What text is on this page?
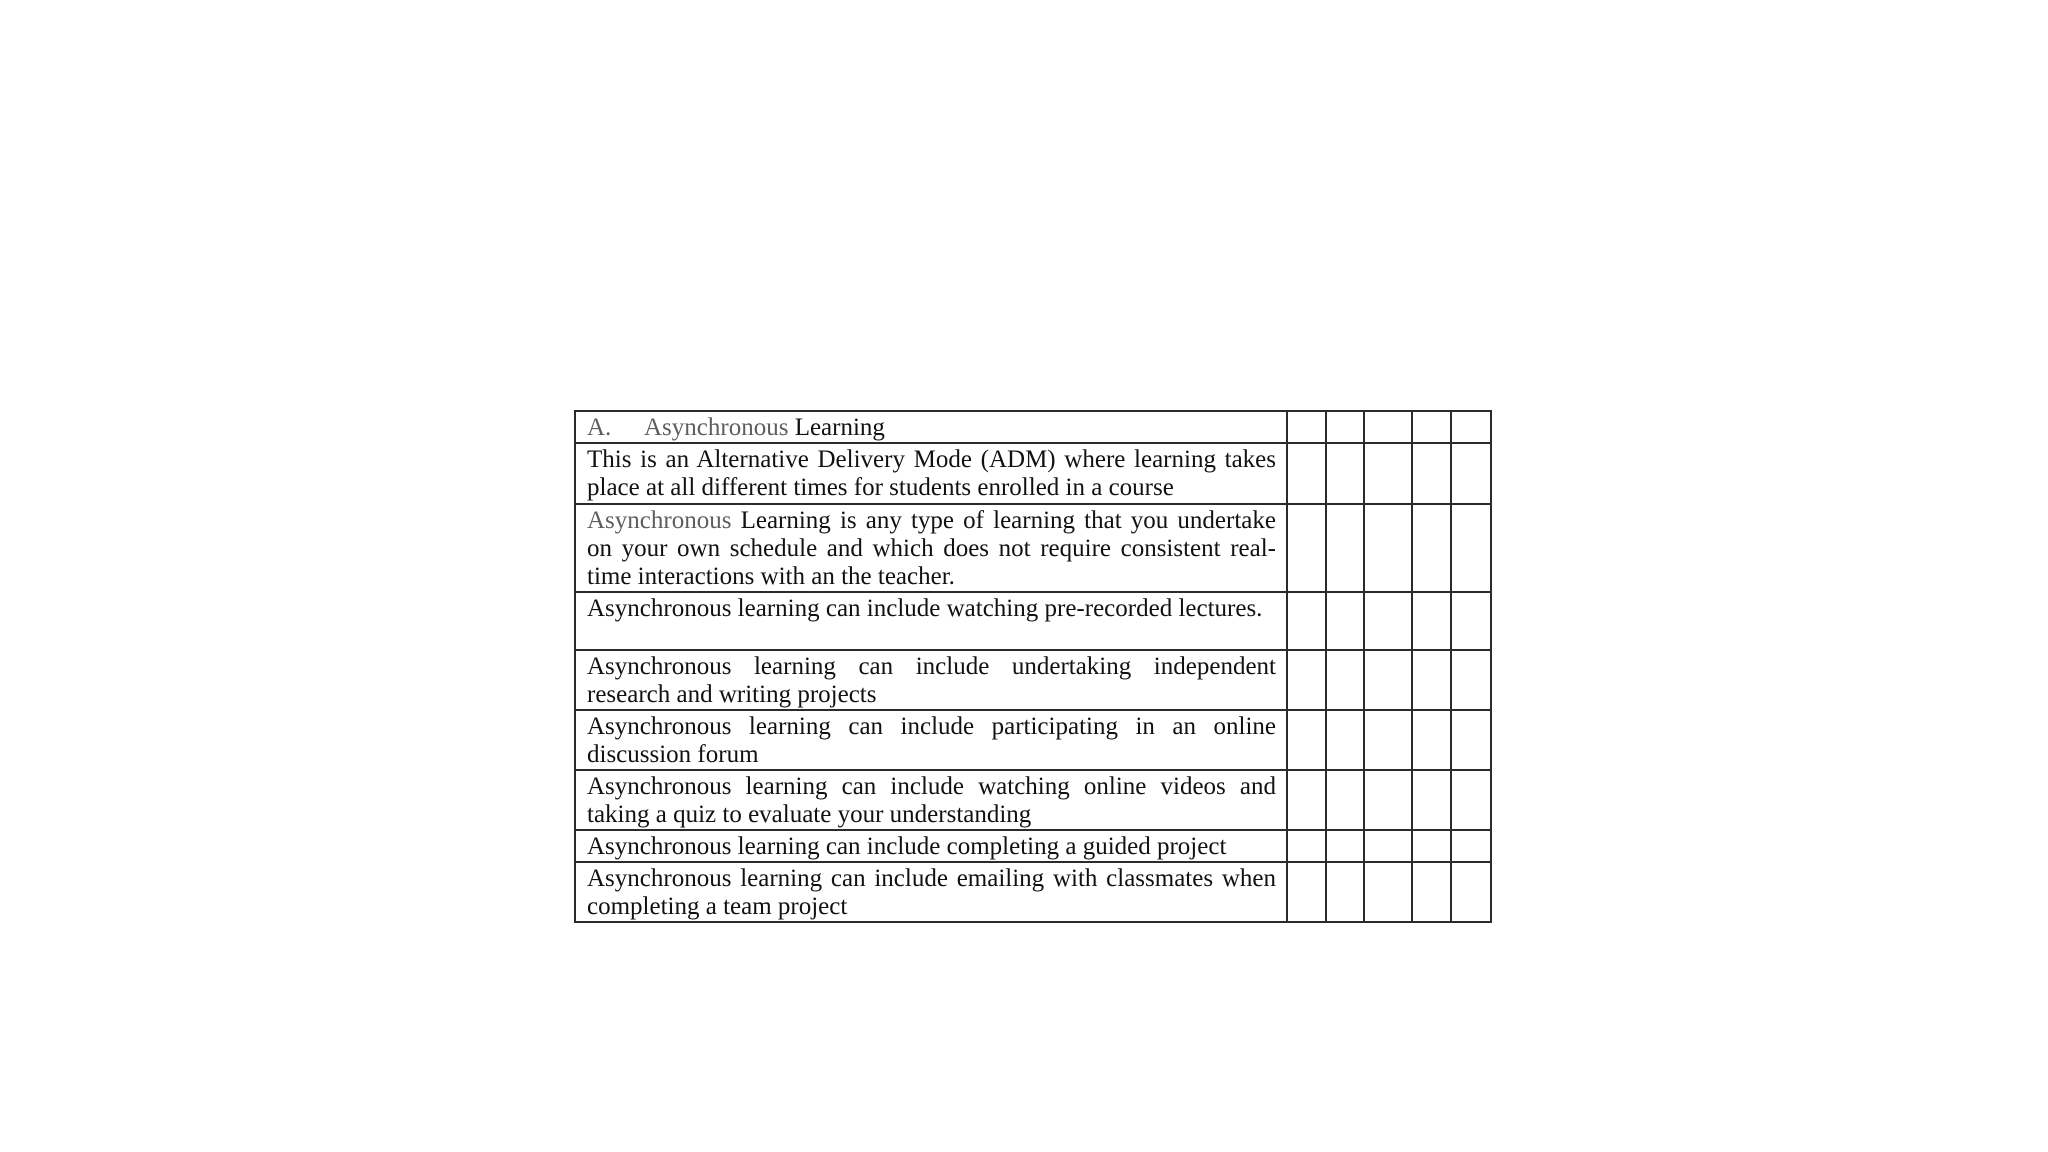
A. Asynchronous Learning					
This is an Alternative Delivery Mode (ADM) where learning takes place at all different times for students enrolled in a course					
Asynchronous Learning is any type of learning that you undertake on your own schedule and which does not require consistent real-time interactions with an the teacher.					
Asynchronous learning can include watching pre-recorded lectures.					
Asynchronous learning can include undertaking independent research and writing projects					
Asynchronous learning can include participating in an online discussion forum					
Asynchronous learning can include watching online videos and taking a quiz to evaluate your understanding					
Asynchronous learning can include completing a guided project					
Asynchronous learning can include emailing with classmates when completing a team project					
